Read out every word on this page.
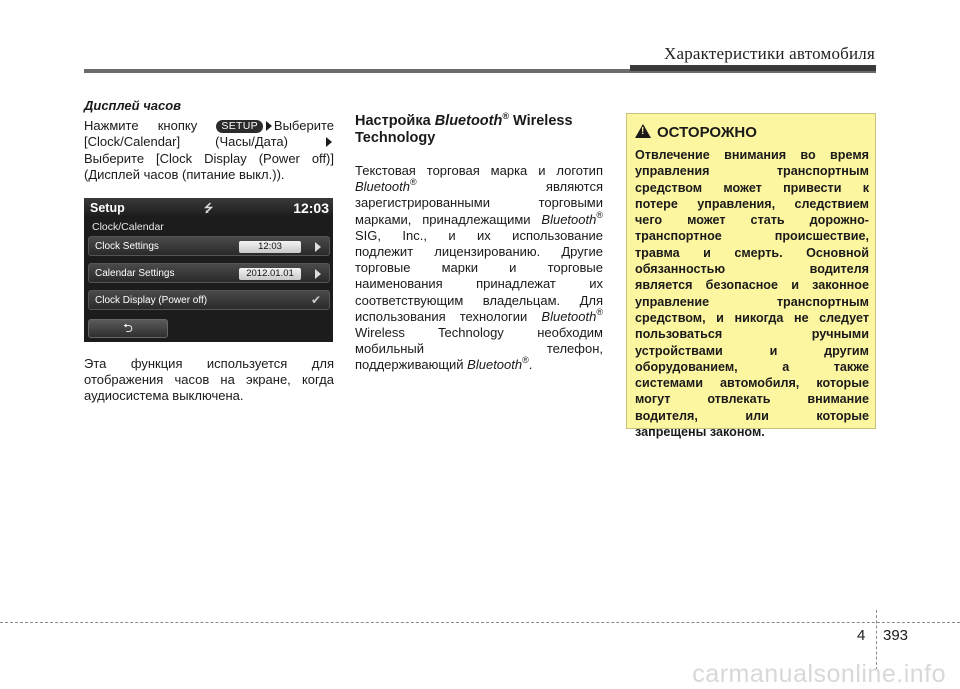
Характеристики автомобиля
Дисплей часов
Нажмите кнопку SETUP Выберите
[Clock/Calendar] (Часы/Дата)
Выберите [Clock Display (Power off)]
(Дисплей часов (питание выкл.)).
Setup	⭍	12:03
Clock/Calendar
Clock Settings	12:03
Calendar Settings	2012.01.01
Clock Display (Power off)	✔
⮌
Эта функция используется для
отображения часов на экране, когда
аудиосистема выключена.
Настройка Bluetooth® Wireless
Technology
Текстовая торговая марка и логотип
Bluetooth®	являются
зарегистрированными торговыми
марками, принадлежащими Bluetooth®
SIG, Inc., и их использование
подлежит лицензированию. Другие
торговые марки и торговые
наименования принадлежат их
соответствующим владельцам. Для
использования технологии Bluetooth®
Wireless Technology необходим
мобильный телефон,
поддерживающий Bluetooth®.
!ОСТОРОЖНО
Отвлечение внимания во время
управления транспортным
средством может привести к
потере управления, следствием
чего может стать дорожно-
транспортное происшествие,
травма и смерть. Основной
обязанностью водителя
является безопасное и законное
управление транспортным
средством, и никогда не следует
пользоваться ручными
устройствами и другим
оборудованием, а также
системами автомобиля, которые
могут отвлекать внимание
водителя, или которые
запрещены законом.
4 393
carmanualsonline.info
